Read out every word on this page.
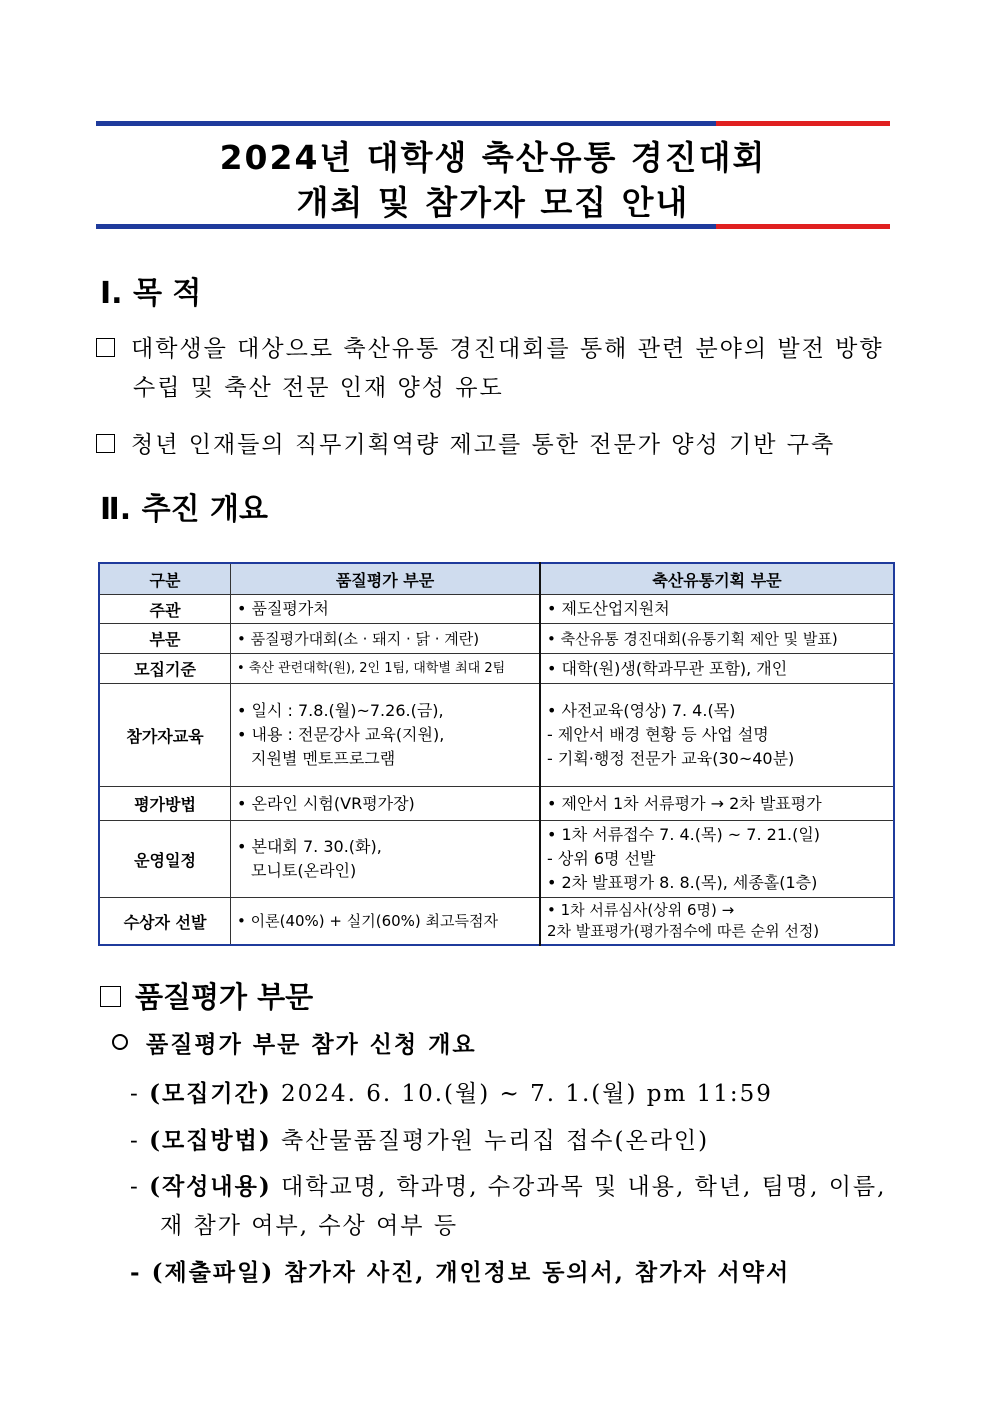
2024년 대학생 축산유통 경진대회
개최 및 참가자 모집 안내
Ⅰ. 목 적
대학생을 대상으로 축산유통 경진대회를 통해 관련 분야의 발전 방향
수립 및 축산 전문 인재 양성 유도
청년 인재들의 직무기획역량 제고를 통한 전문가 양성 기반 구축
Ⅱ. 추진 개요
구분	품질평가 부문	축산유통기획 부문
주관	• 품질평가처	• 제도산업지원처

부문	• 품질평가대회(소 · 돼지 · 닭 · 계란)	• 축산유통 경진대회(유통기획 제안 및 발표)

모집기준	• 축산 관련대학(원), 2인 1팀, 대학별 최대 2팀	• 대학(원)생(학과무관 포함), 개인

참가자교육	• 일시 : 7.8.(월)~7.26.(금),
• 내용 : 전문강사 교육(지원),
지원별 멘토프로그램	• 사전교육(영상) 7. 4.(목)
- 제안서 배경 현황 등 사업 설명
- 기획·행정 전문가 교육(30~40분)

평가방법	• 온라인 시험(VR평가장)	• 제안서 1차 서류평가 → 2차 발표평가

운영일정	• 본대회 7. 30.(화),
모니토(온라인)	• 1차 서류접수 7. 4.(목) ~ 7. 21.(일)
- 상위 6명 선발
• 2차 발표평가 8. 8.(목), 세종홀(1층)

수상자 선발	• 이론(40%) + 실기(60%) 최고득점자	• 1차 서류심사(상위 6명) →
2차 발표평가(평가점수에 따른 순위 선정)
품질평가 부문
품질평가 부문 참가 신청 개요
- (모집기간) 2024. 6. 10.(월) ~ 7. 1.(월) pm 11:59
- (모집방법) 축산물품질평가원 누리집 접수(온라인)
- (작성내용) 대학교명, 학과명, 수강과목 및 내용, 학년, 팀명, 이름,
재 참가 여부, 수상 여부 등
- (제출파일) 참가자 사진, 개인정보 동의서, 참가자 서약서
